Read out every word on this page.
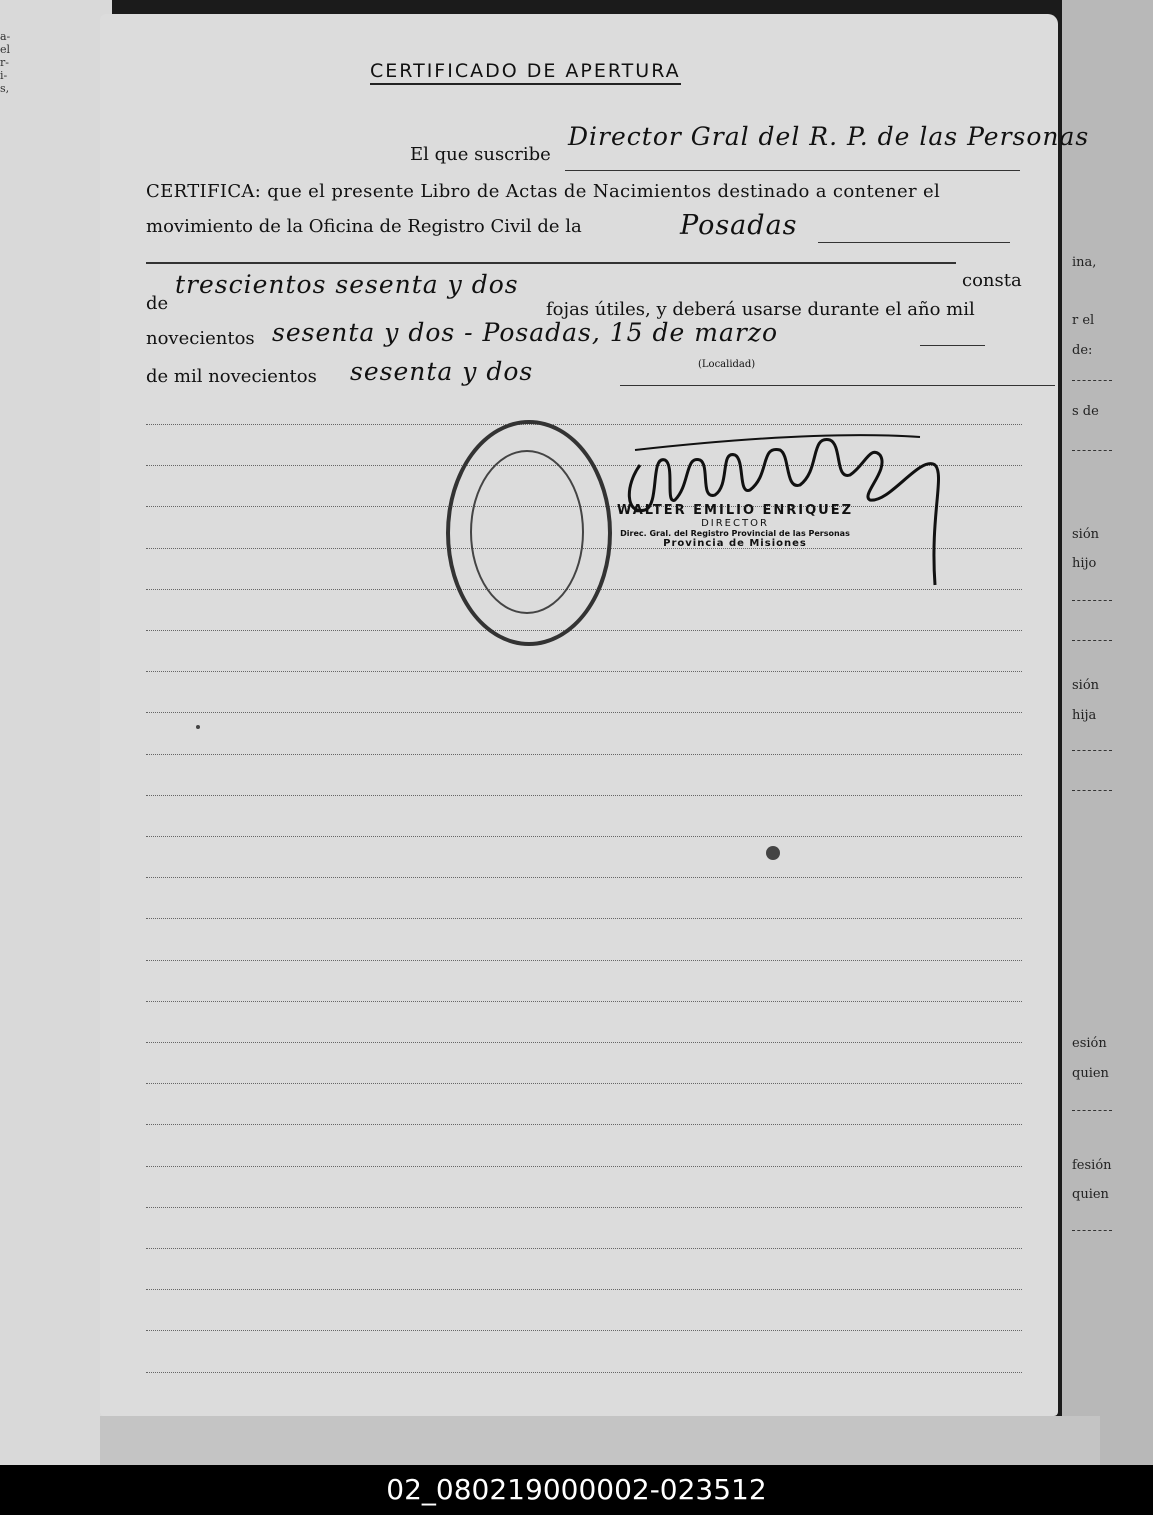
a-
el
r-
i-
s,
ina,
r el
de:
s de
sión
hijo
sión
hija
esión
quien
fesión
quien
CERTIFICADO DE APERTURA
El que suscribe
Director Gral del R. P. de las Personas
CERTIFICA: que el presente Libro de Actas de Nacimientos destinado a contener el
movimiento de la Oficina de Registro Civil de la	Posadas
consta
de
trescientos sesenta y dos
fojas útiles, y deberá usarse durante el año mil
novecientos sesenta y dos - Posadas, 15 de marzo
(Localidad)
de mil novecientos sesenta y dos
WALTER EMILIO ENRIQUEZ
DIRECTOR
Direc. Gral. del Registro Provincial de las Personas
Provincia de Misiones
02_080219000002-023512
